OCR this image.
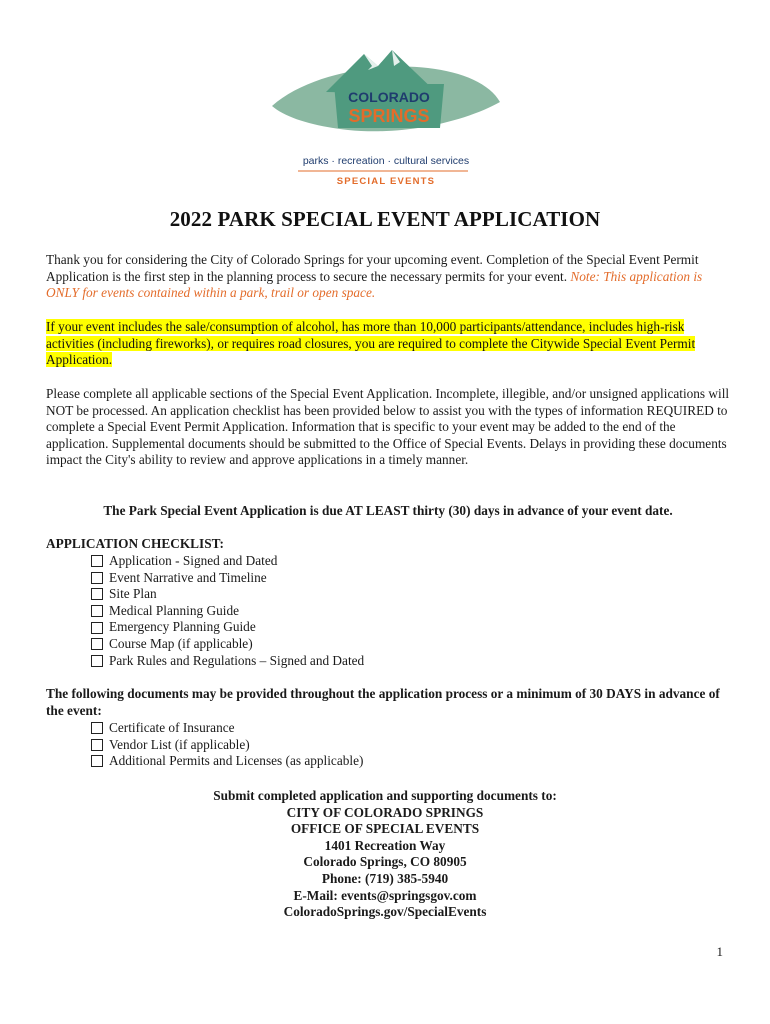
COLORADO
SPRINGS
parks · recreation · cultural services
SPECIAL EVENTS
2022 PARK SPECIAL EVENT APPLICATION
Thank you for considering the City of Colorado Springs for your upcoming event. Completion of the Special Event Permit Application is the first step in the planning process to secure the necessary permits for your event. Note: This application is ONLY for events contained within a park, trail or open space.
If your event includes the sale/consumption of alcohol, has more than 10,000 participants/attendance, includes high-risk activities (including fireworks), or requires road closures, you are required to complete the Citywide Special Event Permit Application.
Please complete all applicable sections of the Special Event Application. Incomplete, illegible, and/or unsigned applications will NOT be processed. An application checklist has been provided below to assist you with the types of information REQUIRED to complete a Special Event Permit Application. Information that is specific to your event may be added to the end of the application. Supplemental documents should be submitted to the Office of Special Events. Delays in providing these documents impact the City's ability to review and approve applications in a timely manner.
The Park Special Event Application is due AT LEAST thirty (30) days in advance of your event date.
APPLICATION CHECKLIST:
Application - Signed and Dated
Event Narrative and Timeline
Site Plan
Medical Planning Guide
Emergency Planning Guide
Course Map (if applicable)
Park Rules and Regulations – Signed and Dated
The following documents may be provided throughout the application process or a minimum of 30 DAYS in advance of the event:
Certificate of Insurance
Vendor List (if applicable)
Additional Permits and Licenses (as applicable)
Submit completed application and supporting documents to:
CITY OF COLORADO SPRINGS
OFFICE OF SPECIAL EVENTS
1401 Recreation Way
Colorado Springs, CO 80905
Phone: (719) 385-5940
E-Mail: events@springsgov.com
ColoradoSprings.gov/SpecialEvents
1
